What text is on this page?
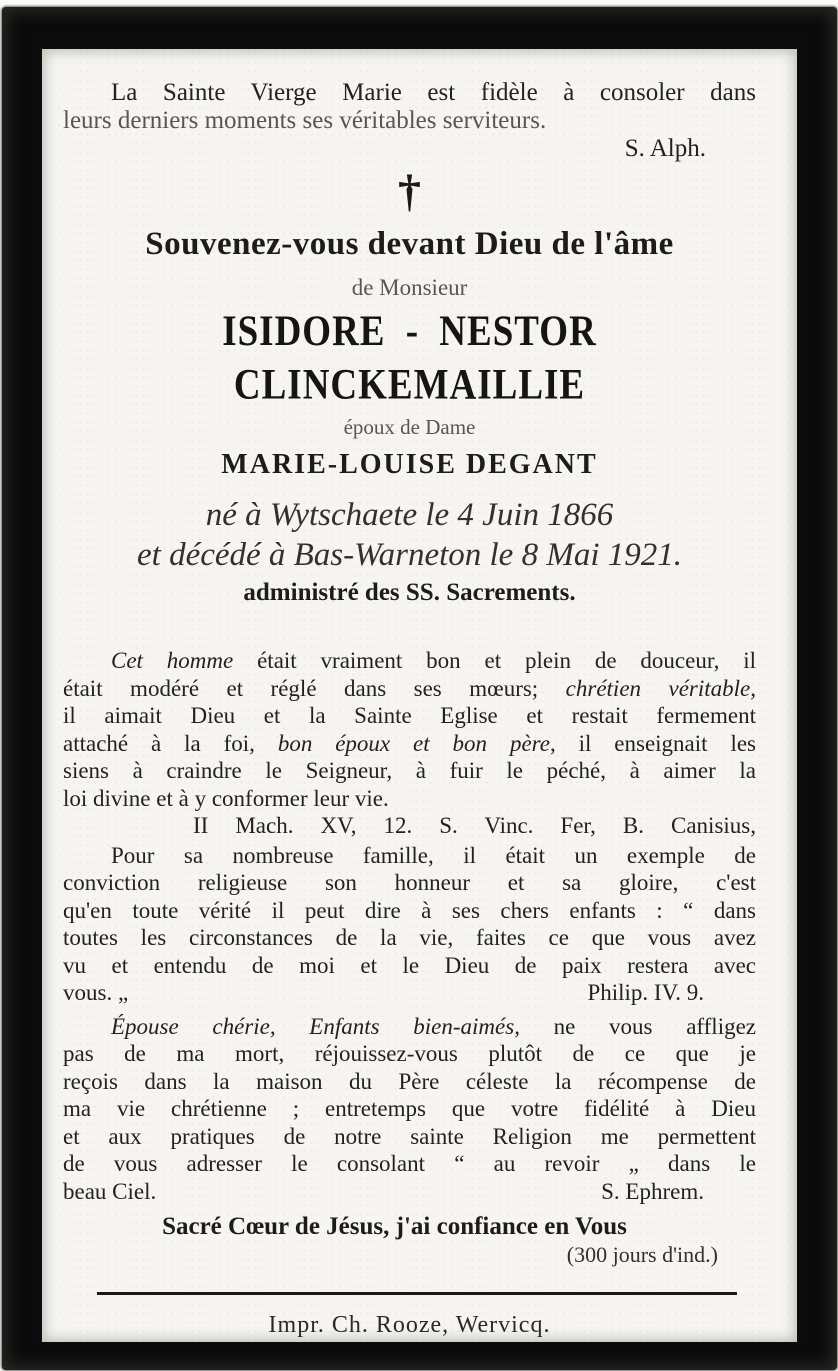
La Sainte Vierge Marie est fidèle à consoler dans
leurs derniers moments ses véritables serviteurs.
S. Alph.
†
Souvenez-vous devant Dieu de l'âme
de Monsieur
ISIDORE - NESTOR CLINCKEMAILLIE
époux de Dame
MARIE-LOUISE DEGANT
né à Wytschaete le 4 Juin 1866
et décédé à Bas-Warneton le 8 Mai 1921.
administré des SS. Sacrements.
Cet homme était vraiment bon et plein de douceur, il
était modéré et réglé dans ses mœurs; chrétien véritable,
il aimait Dieu et la Sainte Eglise et restait fermement
attaché à la foi, bon époux et bon père, il enseignait les
siens à craindre le Seigneur, à fuir le péché, à aimer la
loi divine et à y conformer leur vie.
II Mach. XV, 12. S. Vinc. Fer, B. Canisius,
Pour sa nombreuse famille, il était un exemple de
conviction religieuse son honneur et sa gloire, c'est
qu'en toute vérité il peut dire à ses chers enfants : “ dans
toutes les circonstances de la vie, faites ce que vous avez
vu et entendu de moi et le Dieu de paix restera avec
vous. „	Philip. IV. 9.
Épouse chérie, Enfants bien-aimés, ne vous affligez
pas de ma mort, réjouissez-vous plutôt de ce que je
reçois dans la maison du Père céleste la récompense de
ma vie chrétienne ; entretemps que votre fidélité à Dieu
et aux pratiques de notre sainte Religion me permettent
de vous adresser le consolant “ au revoir „ dans le
beau Ciel.	S. Ephrem.
Sacré Cœur de Jésus, j'ai confiance en Vous
(300 jours d'ind.)
Impr. Ch. Rooze, Wervicq.
